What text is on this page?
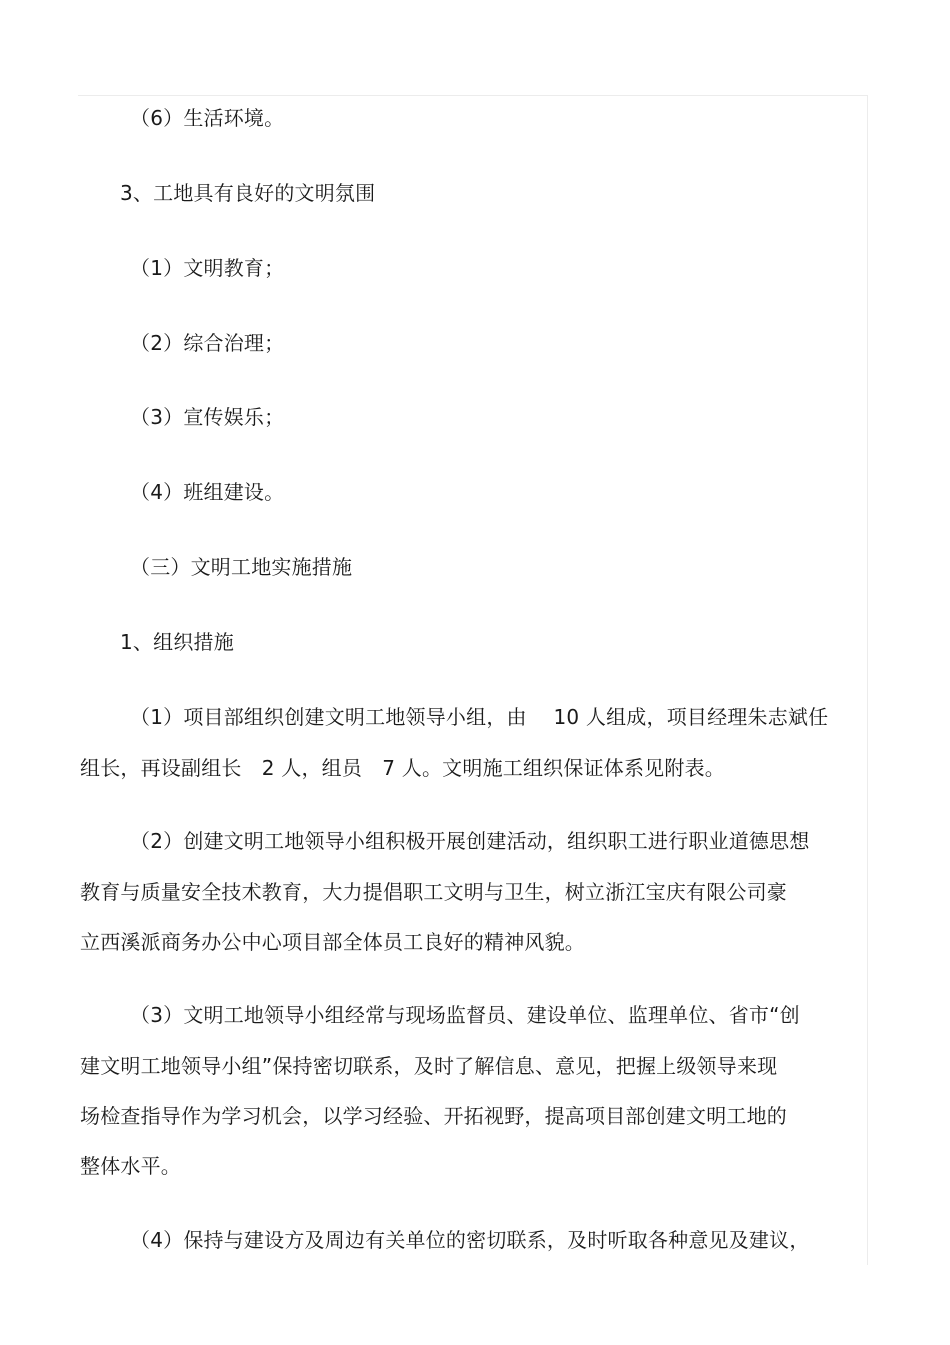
（6）生活环境。
3、工地具有良好的文明氛围
（1）文明教育；
（2）综合治理；
（3）宣传娱乐；
（4）班组建设。
（三）文明工地实施措施
1、组织措施
（1）项目部组织创建文明工地领导小组，由　 10 人组成，项目经理朱志斌任
组长，再设副组长　2 人，组员　7 人。文明施工组织保证体系见附表。
（2）创建文明工地领导小组积极开展创建活动，组织职工进行职业道德思想
教育与质量安全技术教育，大力提倡职工文明与卫生，树立浙江宝庆有限公司豪
立西溪派商务办公中心项目部全体员工良好的精神风貌。
（3）文明工地领导小组经常与现场监督员、建设单位、监理单位、省市“创
建文明工地领导小组”保持密切联系，及时了解信息、意见，把握上级领导来现
场检查指导作为学习机会，以学习经验、开拓视野，提高项目部创建文明工地的
整体水平。
（4）保持与建设方及周边有关单位的密切联系，及时听取各种意见及建议，
